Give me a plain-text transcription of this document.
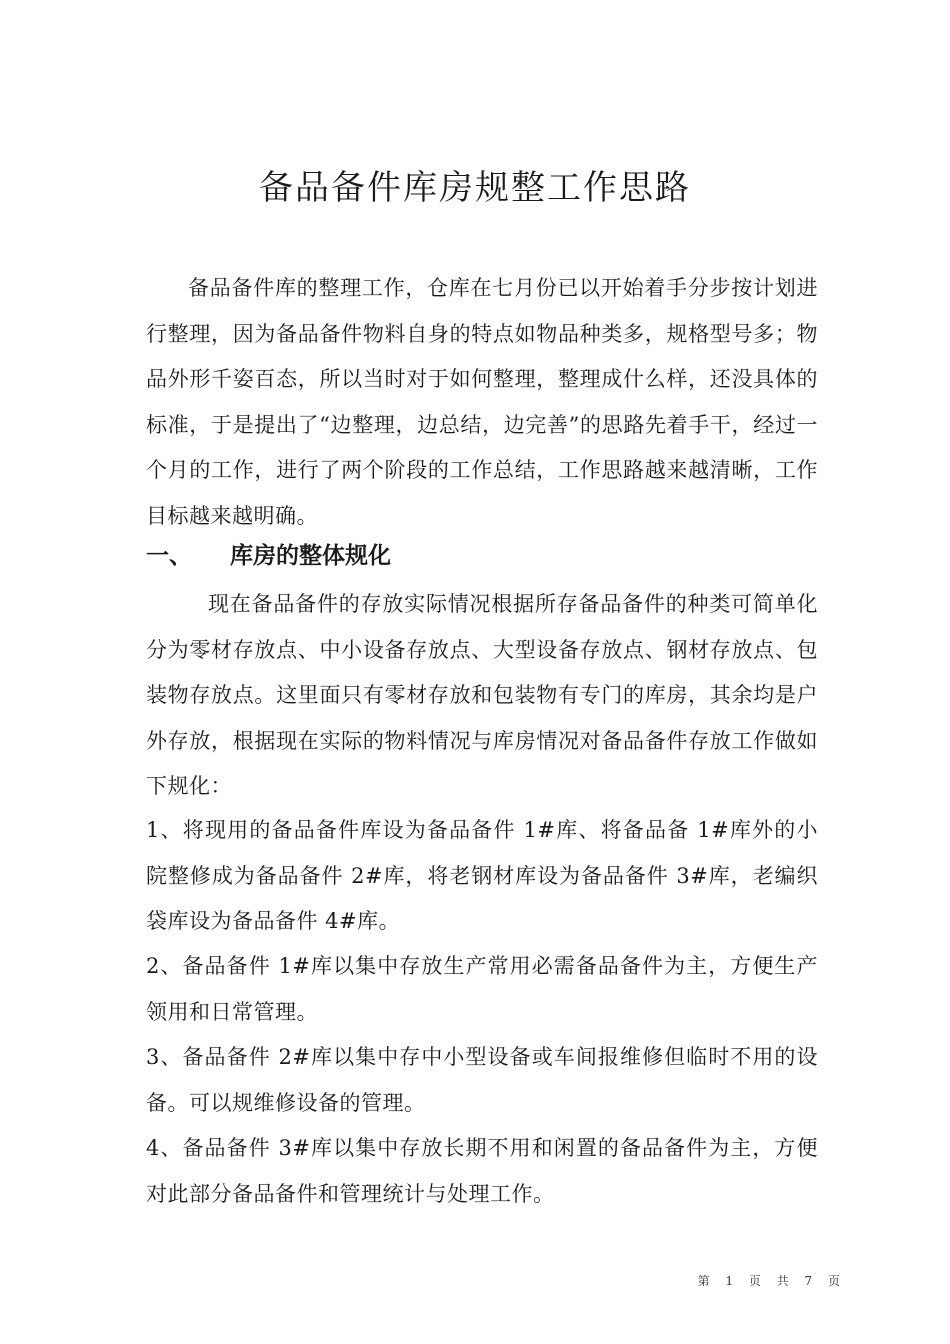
备品备件库房规整工作思路

备品备件库的整理工作，仓库在七月份已以开始着手分步按计划进行整理，因为备品备件物料自身的特点如物品种类多，规格型号多；物品外形千姿百态，所以当时对于如何整理，整理成什么样，还没具体的标准，于是提出了“边整理，边总结，边完善”的思路先着手干，经过一个月的工作，进行了两个阶段的工作总结，工作思路越来越清晰，工作目标越来越明确。

一、 库房的整体规化

现在备品备件的存放实际情况根据所存备品备件的种类可简单化分为零材存放点、中小设备存放点、大型设备存放点、钢材存放点、包装物存放点。这里面只有零材存放和包装物有专门的库房，其余均是户外存放，根据现在实际的物料情况与库房情况对备品备件存放工作做如下规化：

1、将现用的备品备件库设为备品备件 1#库、将备品备 1#库外的小院整修成为备品备件 2#库，将老钢材库设为备品备件 3#库，老编织袋库设为备品备件 4#库。

2、备品备件 1#库以集中存放生产常用必需备品备件为主，方便生产领用和日常管理。

3、备品备件 2#库以集中存中小型设备或车间报维修但临时不用的设备。可以规维修设备的管理。

4、备品备件 3#库以集中存放长期不用和闲置的备品备件为主，方便对此部分备品备件和管理统计与处理工作。

第 1 页 共 7 页
